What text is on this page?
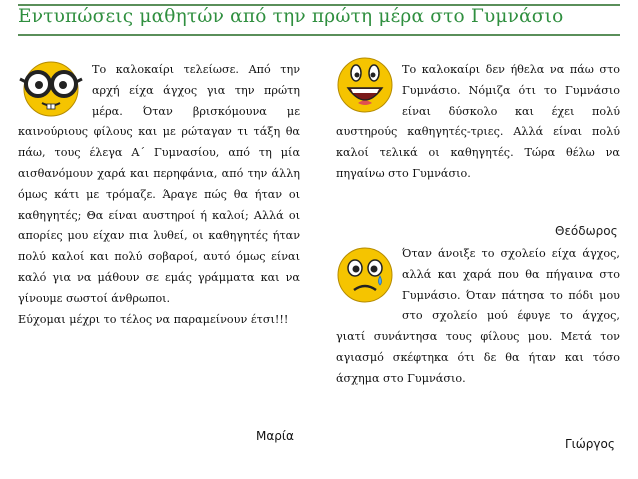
Εντυπώσεις μαθητών από την πρώτη μέρα στο Γυμνάσιο

Το καλοκαίρι τελείωσε. Από την αρχή είχα άγχος για την πρώτη μέρα. Όταν βρισκόμουνα με καινούριους φίλους και με ρώταγαν τι τάξη θα πάω, τους έλεγα Α΄ Γυμνασίου, από τη μία αισθανόμουν χαρά και περηφάνια, από την άλλη όμως κάτι με τρόμαζε. Άραγε πώς θα ήταν οι καθηγητές; Θα είναι αυστηροί ή καλοί; Αλλά οι απορίες μου είχαν πια λυθεί, οι καθηγητές ήταν πολύ καλοί και πολύ σοβαροί, αυτό όμως είναι καλό για να μάθουν σε εμάς γράμματα και να γίνουμε σωστοί άνθρωποι.

Εύχομαι μέχρι το τέλος να παραμείνουν έτσι!!!

Μαρία

Το καλοκαίρι δεν ήθελα να πάω στο Γυμνάσιο. Νόμιζα ότι το Γυμνάσιο είναι δύσκολο και έχει πολύ αυστηρούς καθηγητές-τριες. Αλλά είναι πολύ καλοί τελικά οι καθηγητές. Τώρα θέλω να πηγαίνω στο Γυμνάσιο.

Θεόδωρος

Όταν άνοιξε το σχολείο είχα άγχος, αλλά και χαρά που θα πήγαινα στο Γυμνάσιο. Όταν πάτησα το πόδι μου στο σχολείο μού έφυγε το άγχος, γιατί συνάντησα τους φίλους μου. Μετά τον αγιασμό σκέφτηκα ότι δε θα ήταν και τόσο άσχημα στο Γυμνάσιο.

Γιώργος
